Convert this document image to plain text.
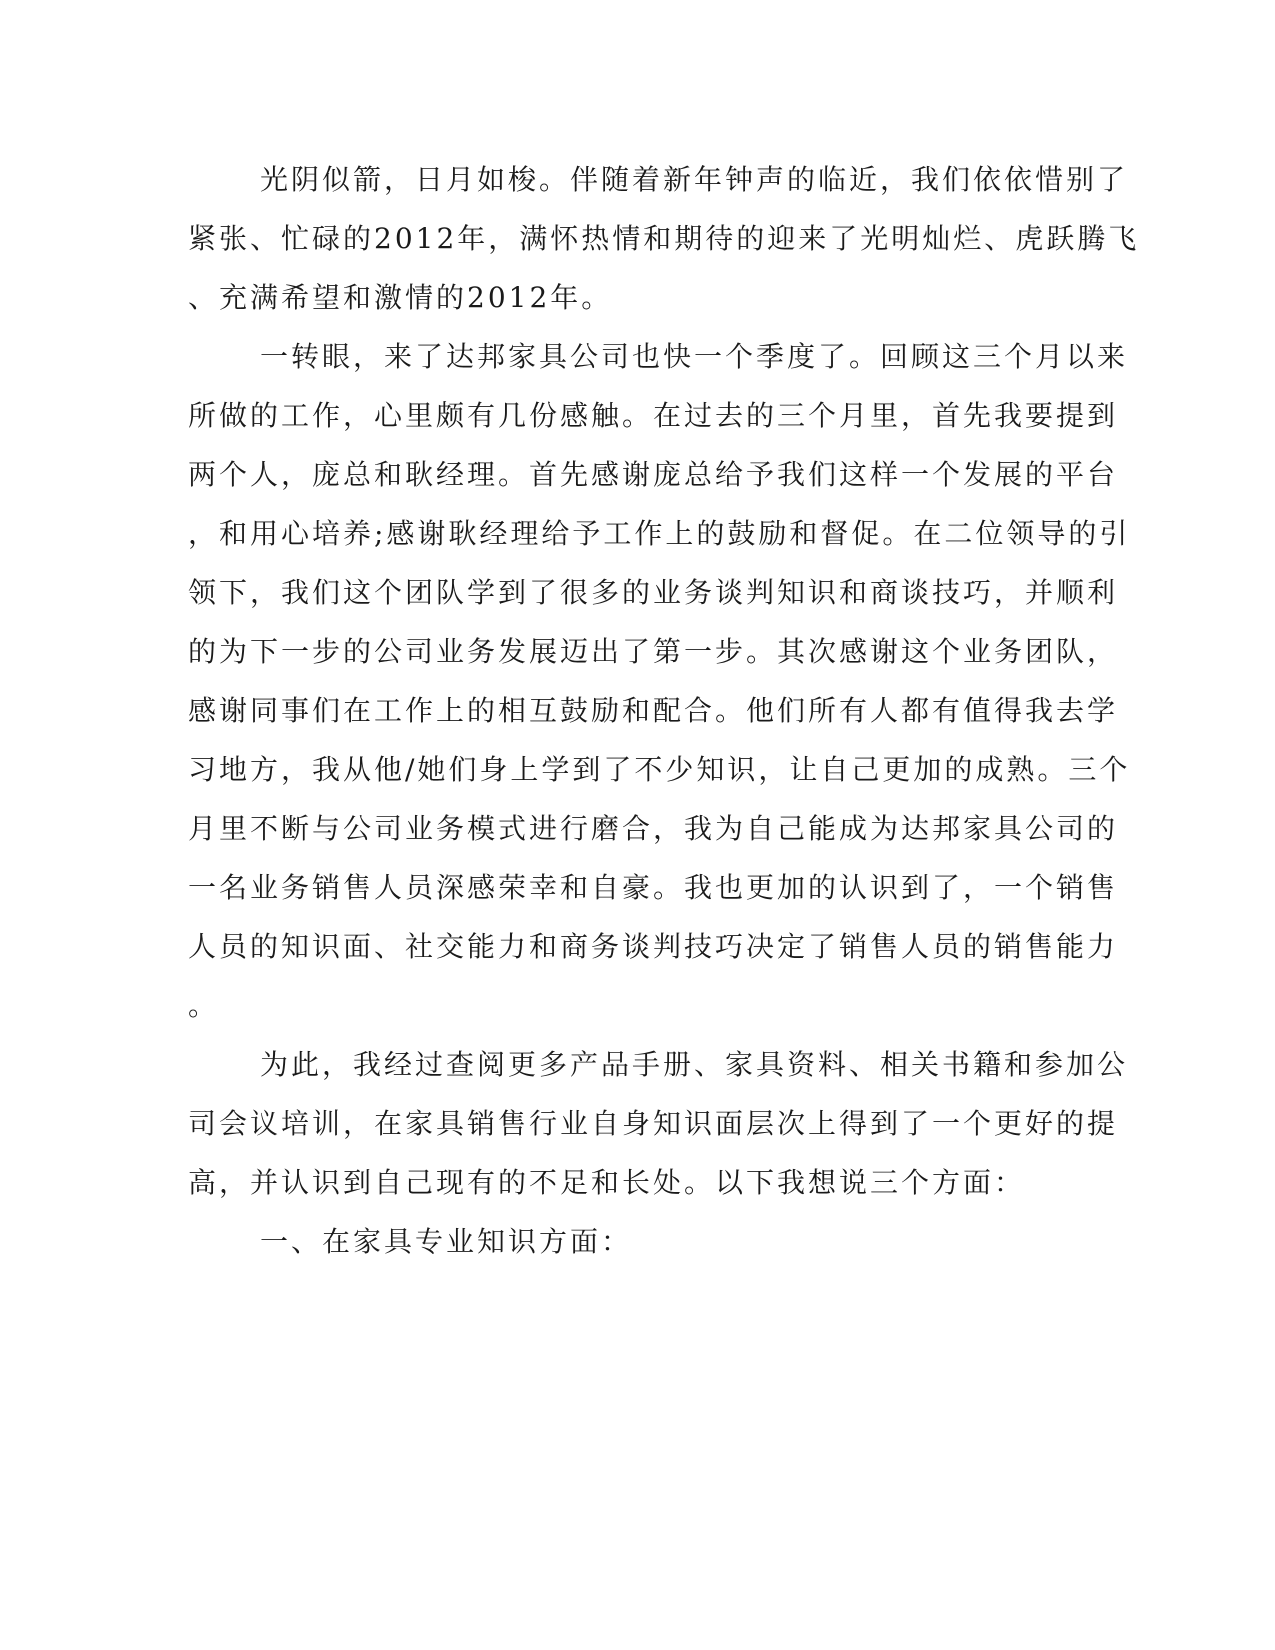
光阴似箭，日月如梭。伴随着新年钟声的临近，我们依依惜别了
紧张、忙碌的2012年，满怀热情和期待的迎来了光明灿烂、虎跃腾飞
、充满希望和激情的2012年。
一转眼，来了达邦家具公司也快一个季度了。回顾这三个月以来
所做的工作，心里颇有几份感触。在过去的三个月里，首先我要提到
两个人，庞总和耿经理。首先感谢庞总给予我们这样一个发展的平台
，和用心培养;感谢耿经理给予工作上的鼓励和督促。在二位领导的引
领下，我们这个团队学到了很多的业务谈判知识和商谈技巧，并顺利
的为下一步的公司业务发展迈出了第一步。其次感谢这个业务团队，
感谢同事们在工作上的相互鼓励和配合。他们所有人都有值得我去学
习地方，我从他/她们身上学到了不少知识，让自己更加的成熟。三个
月里不断与公司业务模式进行磨合，我为自己能成为达邦家具公司的
一名业务销售人员深感荣幸和自豪。我也更加的认识到了，一个销售
人员的知识面、社交能力和商务谈判技巧决定了销售人员的销售能力
。
为此，我经过查阅更多产品手册、家具资料、相关书籍和参加公
司会议培训，在家具销售行业自身知识面层次上得到了一个更好的提
高，并认识到自己现有的不足和长处。以下我想说三个方面：
一、在家具专业知识方面：
